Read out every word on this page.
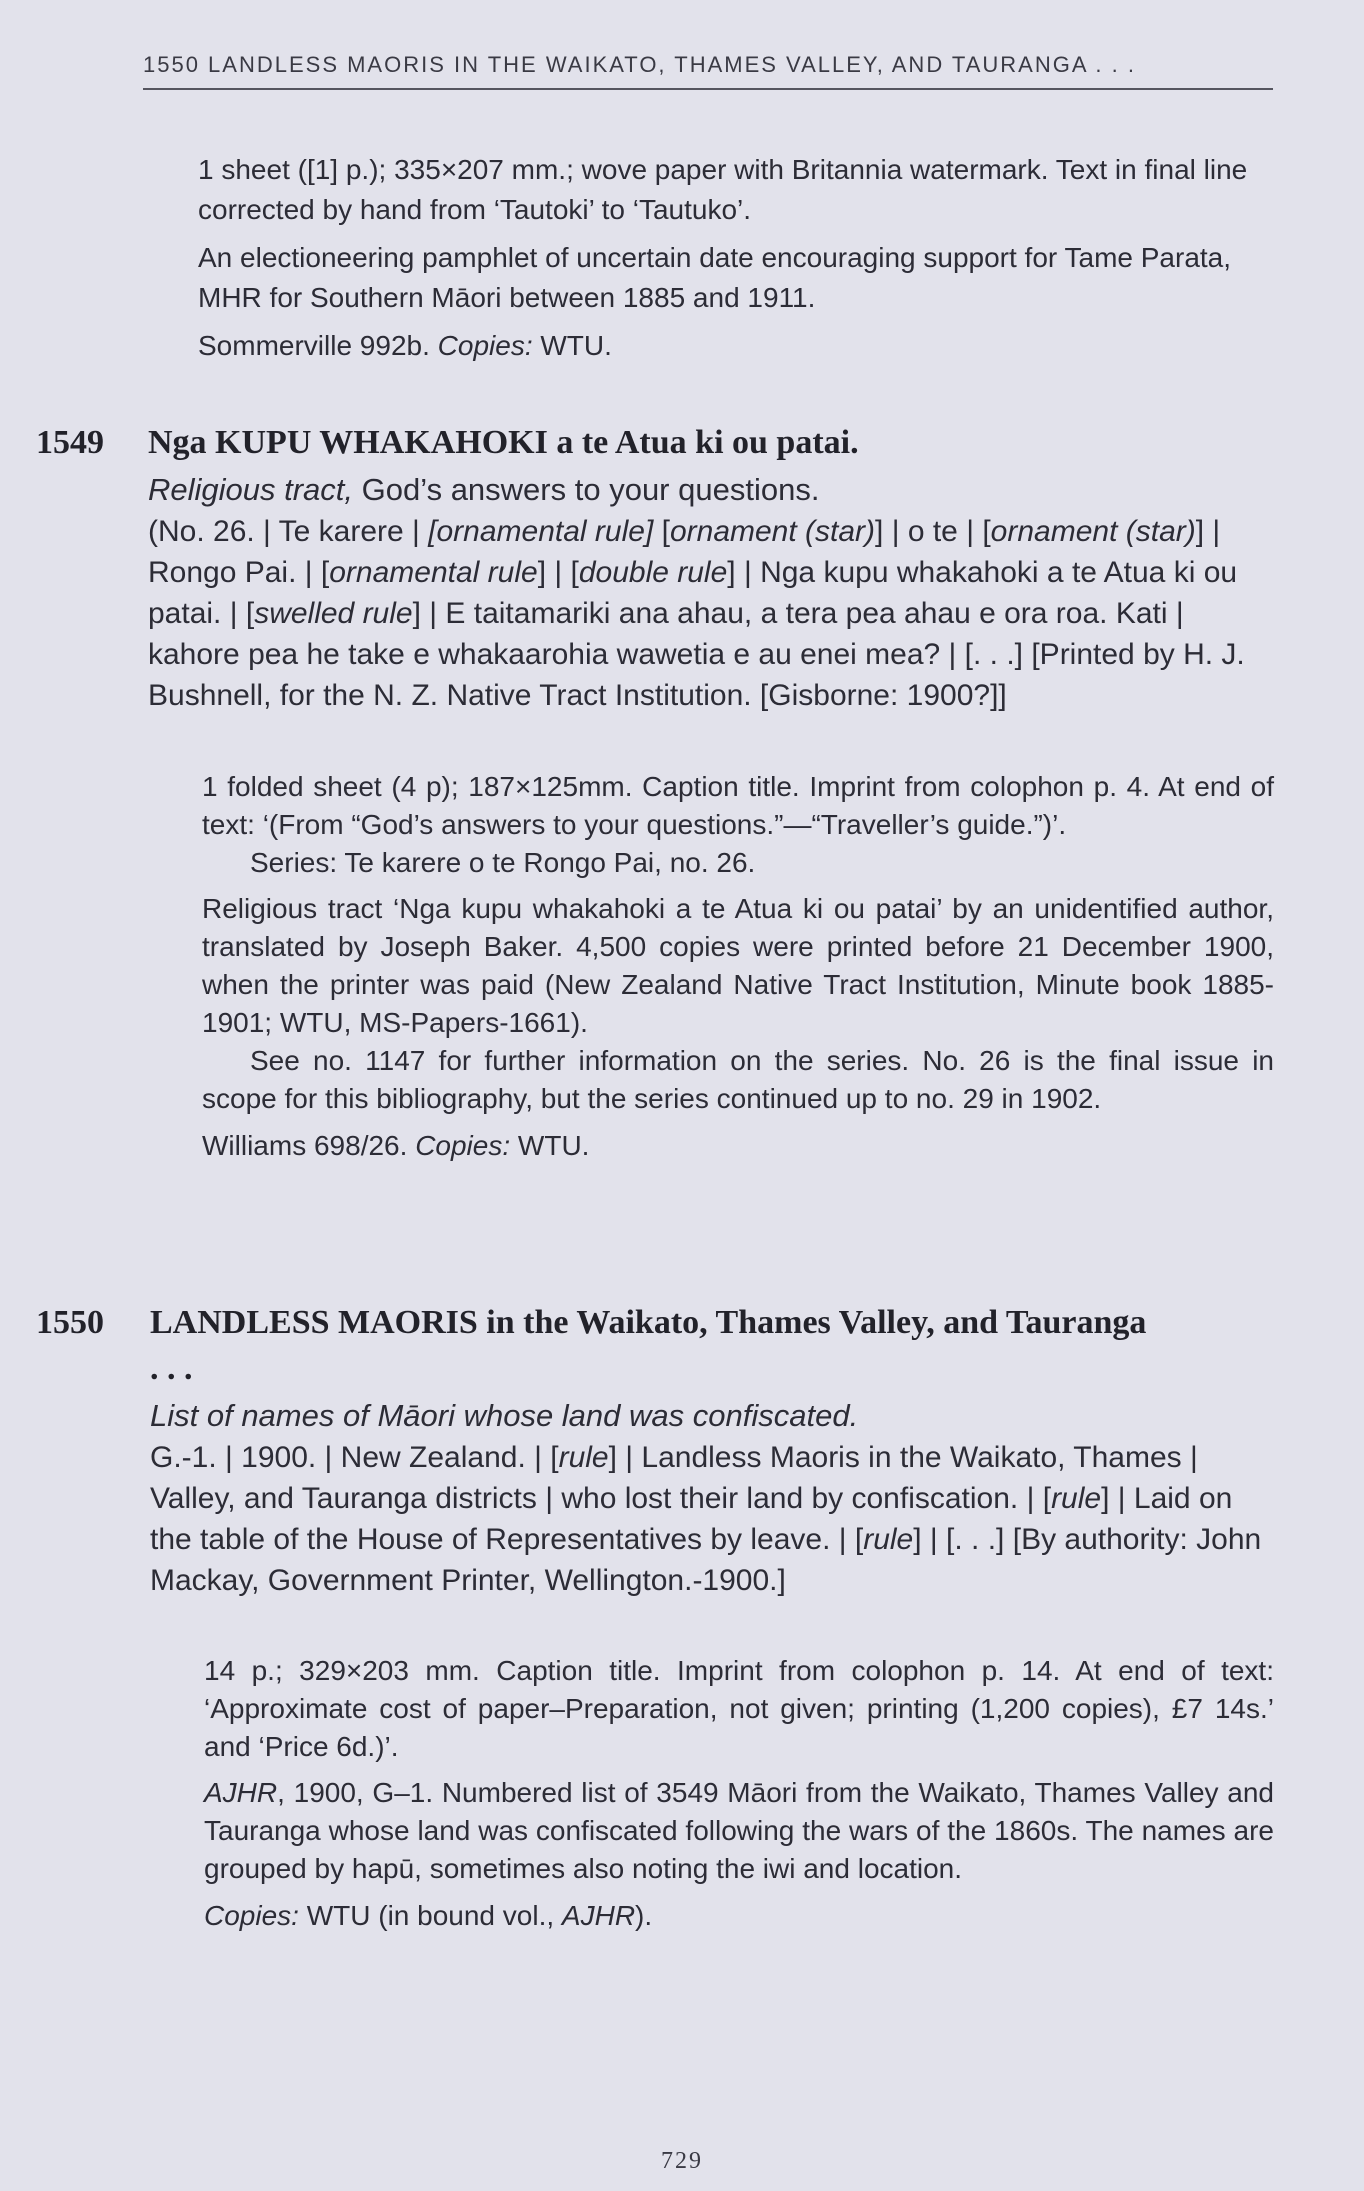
1550 LANDLESS MAORIS IN THE WAIKATO, THAMES VALLEY, AND TAURANGA . . .

1 sheet ([1] p.); 335×207 mm.; wove paper with Britannia watermark. Text in final line corrected by hand from ‘Tautoki’ to ‘Tautuko’.

An electioneering pamphlet of uncertain date encouraging support for Tame Parata, MHR for Southern Māori between 1885 and 1911.

Sommerville 992b. Copies: WTU.

1549 Nga KUPU WHAKAHOKI a te Atua ki ou patai.

Religious tract, God’s answers to your questions.

(No. 26. | Te karere | [ornamental rule] [ornament (star)] | o te | [ornament (star)] | Rongo Pai. | [ornamental rule] | [double rule] | Nga kupu whakahoki a te Atua ki ou patai. | [swelled rule] | E taitamariki ana ahau, a tera pea ahau e ora roa. Kati | kahore pea he take e whakaarohia wawetia e au enei mea? | [. . .] [Printed by H. J. Bushnell, for the N. Z. Native Tract Institution. [Gisborne: 1900?]]

1 folded sheet (4 p); 187×125mm. Caption title. Imprint from colophon p. 4. At end of text: ‘(From “God’s answers to your questions.”—“Traveller’s guide.”)’.

Series: Te karere o te Rongo Pai, no. 26.

Religious tract ‘Nga kupu whakahoki a te Atua ki ou patai’ by an unidentified author, translated by Joseph Baker. 4,500 copies were printed before 21 December 1900, when the printer was paid (New Zealand Native Tract Institution, Minute book 1885-1901; WTU, MS-Papers-1661).

See no. 1147 for further information on the series. No. 26 is the final issue in scope for this bibliography, but the series continued up to no. 29 in 1902.

Williams 698/26. Copies: WTU.

1550 LANDLESS MAORIS in the Waikato, Thames Valley, and Tauranga . . .

List of names of Māori whose land was confiscated.

G.-1. | 1900. | New Zealand. | [rule] | Landless Maoris in the Waikato, Thames | Valley, and Tauranga districts | who lost their land by confiscation. | [rule] | Laid on the table of the House of Representatives by leave. | [rule] | [. . .] [By authority: John Mackay, Government Printer, Wellington.-1900.]

14 p.; 329×203 mm. Caption title. Imprint from colophon p. 14. At end of text: ‘Approximate cost of paper–Preparation, not given; printing (1,200 copies), £7 14s.’ and ‘Price 6d.)’.

AJHR, 1900, G–1. Numbered list of 3549 Māori from the Waikato, Thames Valley and Tauranga whose land was confiscated following the wars of the 1860s. The names are grouped by hapū, sometimes also noting the iwi and location.

Copies: WTU (in bound vol., AJHR).

729
